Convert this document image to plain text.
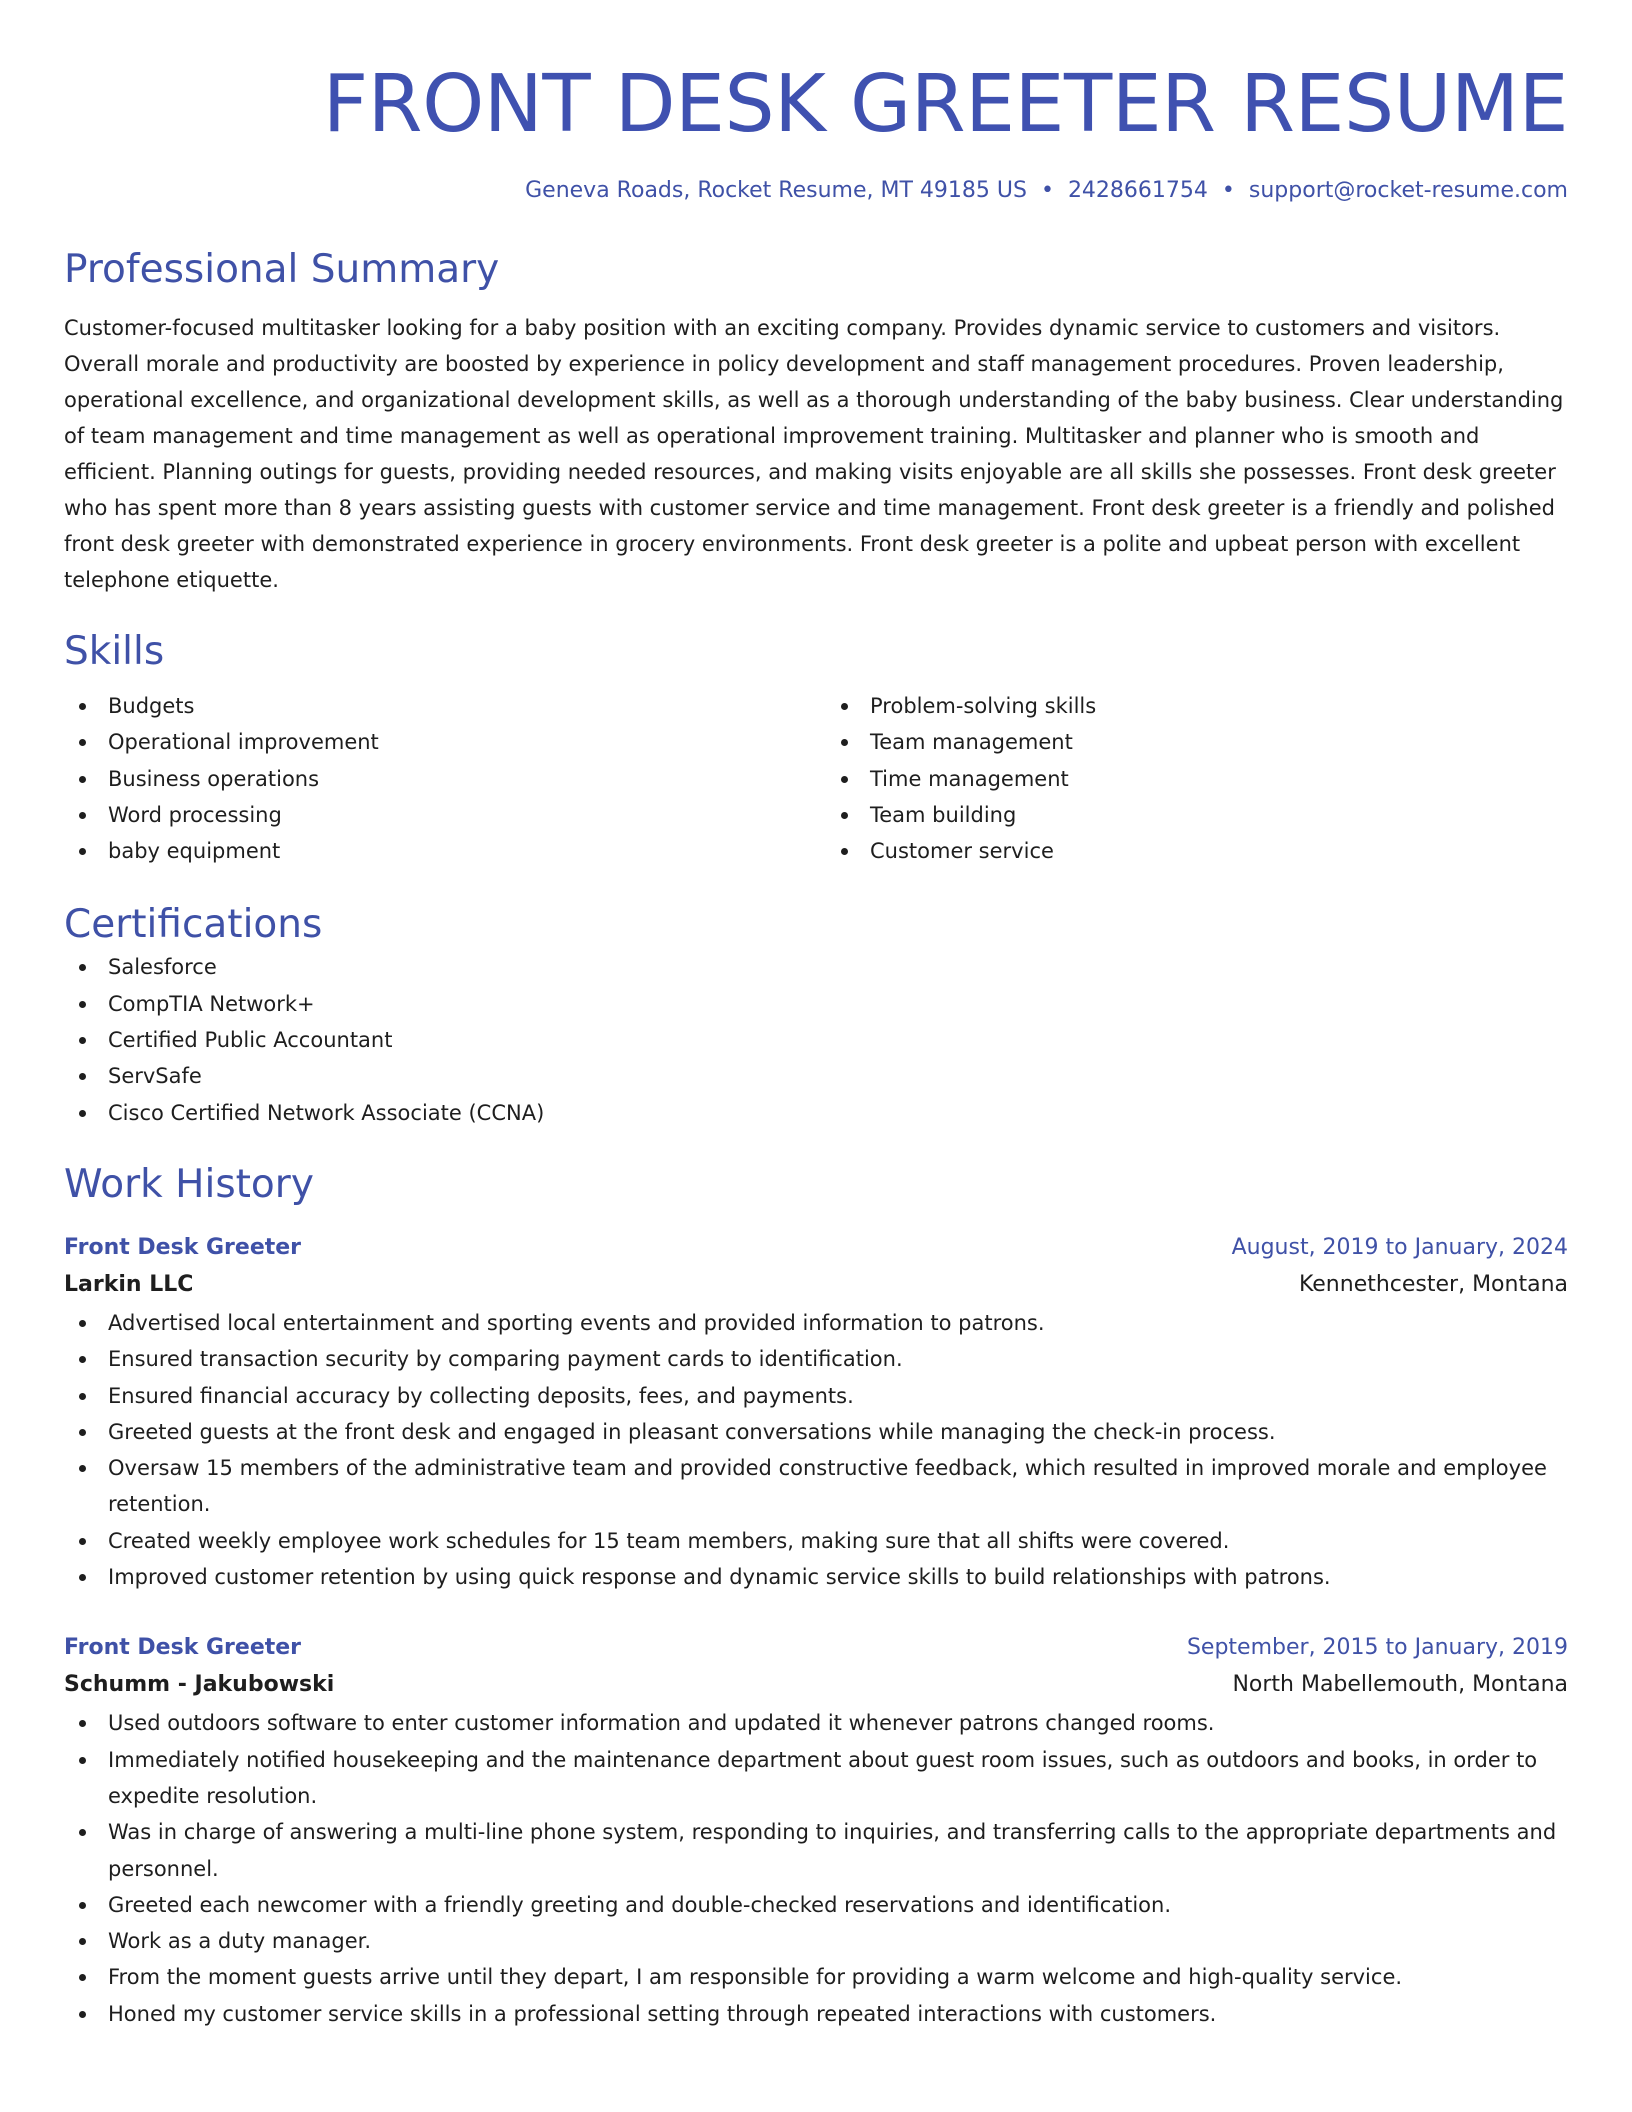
FRONT DESK GREETER RESUME
Geneva Roads, Rocket Resume, MT 49185 US • 2428661754 • support@rocket-resume.com
Professional Summary

Customer-focused multitasker looking for a baby position with an exciting company. Provides dynamic service to customers and visitors. Overall morale and productivity are boosted by experience in policy development and staff management procedures. Proven leadership, operational excellence, and organizational development skills, as well as a thorough understanding of the baby business. Clear understanding of team management and time management as well as operational improvement training. Multitasker and planner who is smooth and efficient. Planning outings for guests, providing needed resources, and making visits enjoyable are all skills she possesses. Front desk greeter who has spent more than 8 years assisting guests with customer service and time management. Front desk greeter is a friendly and polished front desk greeter with demonstrated experience in grocery environments. Front desk greeter is a polite and upbeat person with excellent telephone etiquette.

Skills
Budgets
Operational improvement
Business operations
Word processing
baby equipment
Problem-solving skills
Team management
Time management
Team building
Customer service
Certifications
Salesforce
CompTIA Network+
Certified Public Accountant
ServSafe
Cisco Certified Network Associate (CCNA)
Work History
Front Desk Greeter	August, 2019 to January, 2024
Larkin LLC	Kennethcester, Montana
Advertised local entertainment and sporting events and provided information to patrons.
Ensured transaction security by comparing payment cards to identification.
Ensured financial accuracy by collecting deposits, fees, and payments.
Greeted guests at the front desk and engaged in pleasant conversations while managing the check-in process.
Oversaw 15 members of the administrative team and provided constructive feedback, which resulted in improved morale and employee retention.
Created weekly employee work schedules for 15 team members, making sure that all shifts were covered.
Improved customer retention by using quick response and dynamic service skills to build relationships with patrons.
Front Desk Greeter	September, 2015 to January, 2019
Schumm - Jakubowski	North Mabellemouth, Montana
Used outdoors software to enter customer information and updated it whenever patrons changed rooms.
Immediately notified housekeeping and the maintenance department about guest room issues, such as outdoors and books, in order to expedite resolution.
Was in charge of answering a multi-line phone system, responding to inquiries, and transferring calls to the appropriate departments and personnel.
Greeted each newcomer with a friendly greeting and double-checked reservations and identification.
Work as a duty manager.
From the moment guests arrive until they depart, I am responsible for providing a warm welcome and high-quality service.
Honed my customer service skills in a professional setting through repeated interactions with customers.
